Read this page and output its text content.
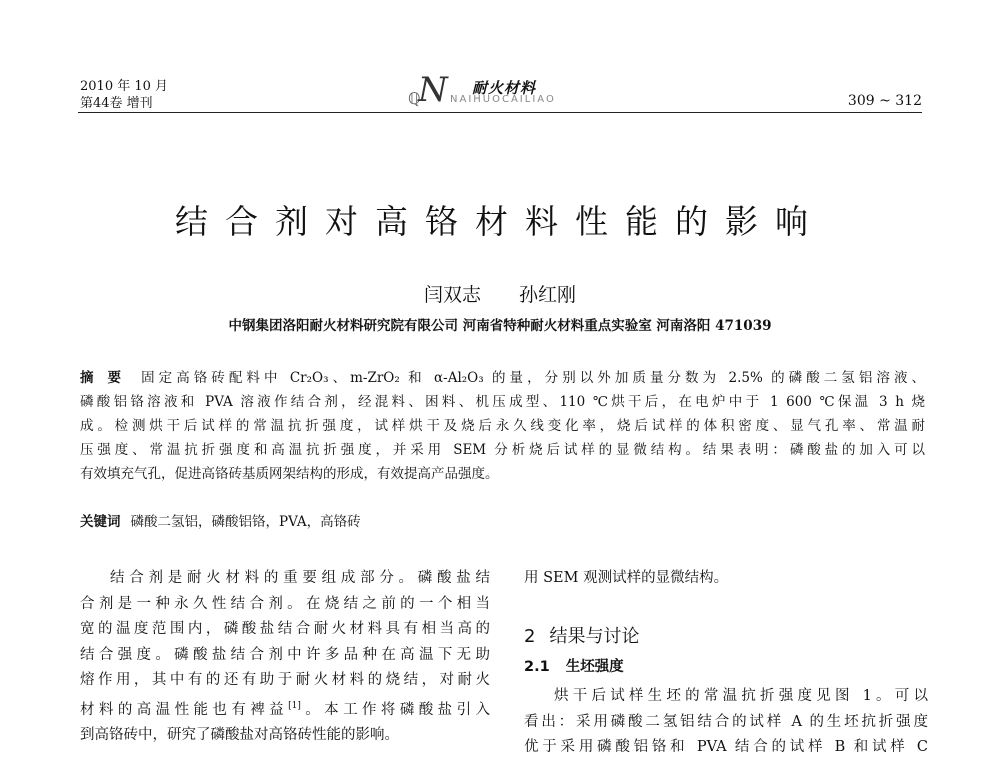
2010 年 10 月
第44卷 增刊	ℚ
N 耐火材料
NAIHUOCAILIAO	309 ~ 312
结合剂对高铬材料性能的影响
闫双志 孙红刚
中钢集团洛阳耐火材料研究院有限公司 河南省特种耐火材料重点实验室 河南洛阳 471039
摘要 固定高铬砖配料中 Cr₂O₃、m-ZrO₂ 和 α-Al₂O₃ 的量，分别以外加质量分数为 2.5% 的磷酸二氢铝溶液、
磷酸铝铬溶液和 PVA 溶液作结合剂，经混料、困料、机压成型、110 ℃烘干后，在电炉中于 1 600 ℃保温 3 h 烧
成。检测烘干后试样的常温抗折强度，试样烘干及烧后永久线变化率，烧后试样的体积密度、显气孔率、常温耐
压强度、常温抗折强度和高温抗折强度，并采用 SEM 分析烧后试样的显微结构。结果表明：磷酸盐的加入可以
有效填充气孔，促进高铬砖基质网架结构的形成，有效提高产品强度。
关键词 磷酸二氢铝，磷酸铝铬，PVA，高铬砖
结合剂是耐火材料的重要组成部分。磷酸盐结
合剂是一种永久性结合剂。在烧结之前的一个相当
宽的温度范围内，磷酸盐结合耐火材料具有相当高的
结合强度。磷酸盐结合剂中许多品种在高温下无助
熔作用，其中有的还有助于耐火材料的烧结，对耐火
材料的高温性能也有裨益[1]。本工作将磷酸盐引入
到高铬砖中，研究了磷酸盐对高铬砖性能的影响。
用 SEM 观测试样的显微结构。
2 结果与讨论
2.1 生坯强度
烘干后试样生坯的常温抗折强度见图 1。可以
看出：采用磷酸二氢铝结合的试样 A 的生坯抗折强度
优于采用磷酸铝铬和 PVA 结合的试样 B 和试样 C
